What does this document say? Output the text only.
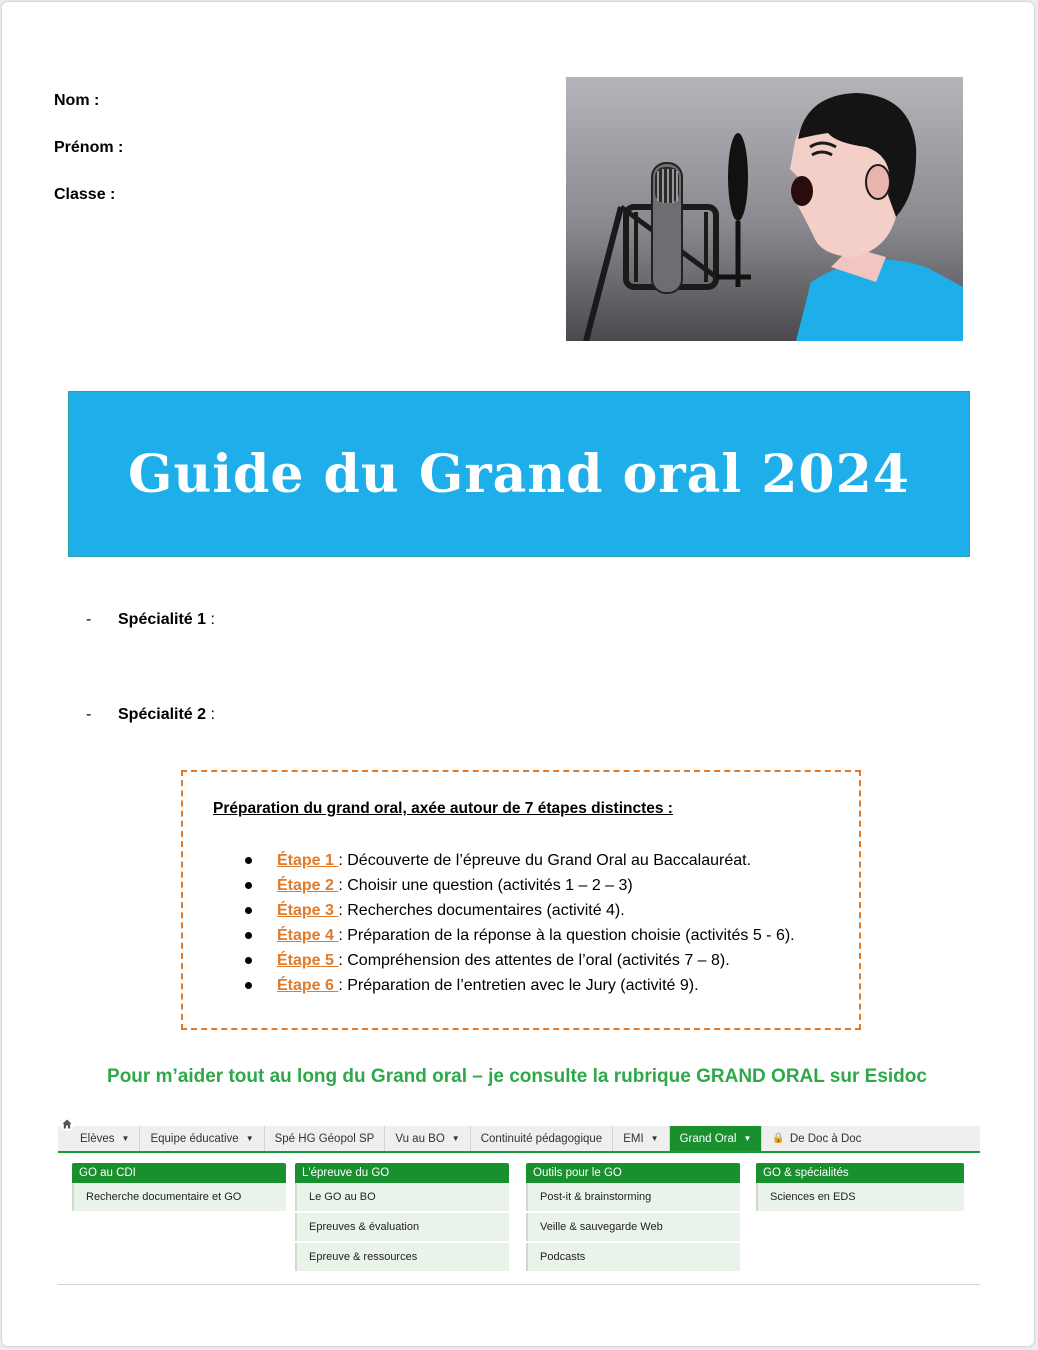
Nom :
Prénom :
Classe :
Guide du Grand oral 2024
- Spécialité 1 :
- Spécialité 2 :
Préparation du grand oral, axée autour de 7 étapes distinctes :
Étape 1 : Découverte de l’épreuve du Grand Oral au Baccalauréat.
Étape 2 : Choisir une question (activités 1 – 2 – 3)
Étape 3 : Recherches documentaires (activité 4).
Étape 4 : Préparation de la réponse à la question choisie (activités 5 - 6).
Étape 5 : Compréhension des attentes de l’oral (activités 7 – 8).
Étape 6 : Préparation de l’entretien avec le Jury (activité 9).
Pour m’aider tout au long du Grand oral – je consulte la rubrique GRAND ORAL sur Esidoc
Elèves ▼ Equipe éducative ▼ Spé HG Géopol SP Vu au BO ▼ Continuité pédagogique EMI ▼ Grand Oral ▼ 🔒 De Doc à Doc
GO au CDI
Recherche documentaire et GO
L'épreuve du GO
Le GO au BO
Epreuves & évaluation
Epreuve & ressources
Outils pour le GO
Post-it & brainstorming
Veille & sauvegarde Web
Podcasts
GO & spécialités
Sciences en EDS
